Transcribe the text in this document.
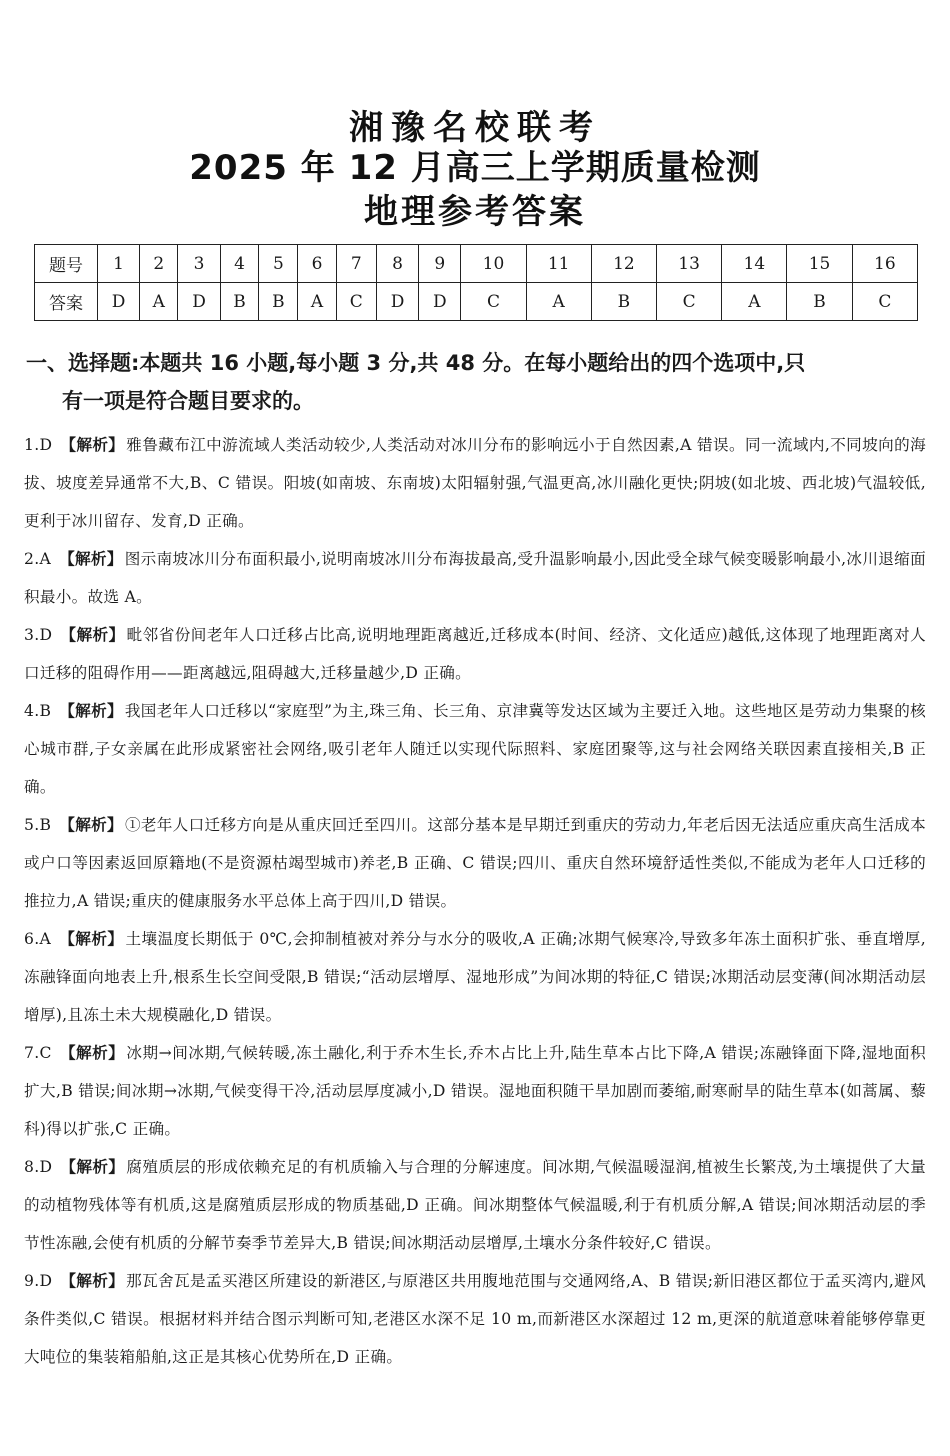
湘豫名校联考
2025 年 12 月高三上学期质量检测
地理参考答案
题号	1	2	3	4	5	6	7	8	9	10	11	12	13	14	15	16
答案	D	A	D	B	B	A	C	D	D	C	A	B	C	A	B	C
一、选择题:本题共 16 小题,每小题 3 分,共 48 分。在每小题给出的四个选项中,只
有一项是符合题目要求的。
1.D 【解析】 雅鲁藏布江中游流域人类活动较少,人类活动对冰川分布的影响远小于自然因素,A 错误。同一流域内,不同坡向的海拔、坡度差异通常不大,B、C 错误。阳坡(如南坡、东南坡)太阳辐射强,气温更高,冰川融化更快;阴坡(如北坡、西北坡)气温较低,更利于冰川留存、发育,D 正确。
2.A 【解析】 图示南坡冰川分布面积最小,说明南坡冰川分布海拔最高,受升温影响最小,因此受全球气候变暖影响最小,冰川退缩面积最小。故选 A。
3.D 【解析】 毗邻省份间老年人口迁移占比高,说明地理距离越近,迁移成本(时间、经济、文化适应)越低,这体现了地理距离对人口迁移的阻碍作用——距离越远,阻碍越大,迁移量越少,D 正确。
4.B 【解析】 我国老年人口迁移以“家庭型”为主,珠三角、长三角、京津冀等发达区域为主要迁入地。这些地区是劳动力集聚的核心城市群,子女亲属在此形成紧密社会网络,吸引老年人随迁以实现代际照料、家庭团聚等,这与社会网络关联因素直接相关,B 正确。
5.B 【解析】 ①老年人口迁移方向是从重庆回迁至四川。这部分基本是早期迁到重庆的劳动力,年老后因无法适应重庆高生活成本或户口等因素返回原籍地(不是资源枯竭型城市)养老,B 正确、C 错误;四川、重庆自然环境舒适性类似,不能成为老年人口迁移的推拉力,A 错误;重庆的健康服务水平总体上高于四川,D 错误。
6.A 【解析】 土壤温度长期低于 0℃,会抑制植被对养分与水分的吸收,A 正确;冰期气候寒冷,导致多年冻土面积扩张、垂直增厚,冻融锋面向地表上升,根系生长空间受限,B 错误;“活动层增厚、湿地形成”为间冰期的特征,C 错误;冰期活动层变薄(间冰期活动层增厚),且冻土未大规模融化,D 错误。
7.C 【解析】 冰期→间冰期,气候转暖,冻土融化,利于乔木生长,乔木占比上升,陆生草本占比下降,A 错误;冻融锋面下降,湿地面积扩大,B 错误;间冰期→冰期,气候变得干冷,活动层厚度减小,D 错误。湿地面积随干旱加剧而萎缩,耐寒耐旱的陆生草本(如蒿属、藜科)得以扩张,C 正确。
8.D 【解析】 腐殖质层的形成依赖充足的有机质输入与合理的分解速度。间冰期,气候温暖湿润,植被生长繁茂,为土壤提供了大量的动植物残体等有机质,这是腐殖质层形成的物质基础,D 正确。间冰期整体气候温暖,利于有机质分解,A 错误;间冰期活动层的季节性冻融,会使有机质的分解节奏季节差异大,B 错误;间冰期活动层增厚,土壤水分条件较好,C 错误。
9.D 【解析】 那瓦舍瓦是孟买港区所建设的新港区,与原港区共用腹地范围与交通网络,A、B 错误;新旧港区都位于孟买湾内,避风条件类似,C 错误。根据材料并结合图示判断可知,老港区水深不足 10 m,而新港区水深超过 12 m,更深的航道意味着能够停靠更大吨位的集装箱船舶,这正是其核心优势所在,D 正确。
